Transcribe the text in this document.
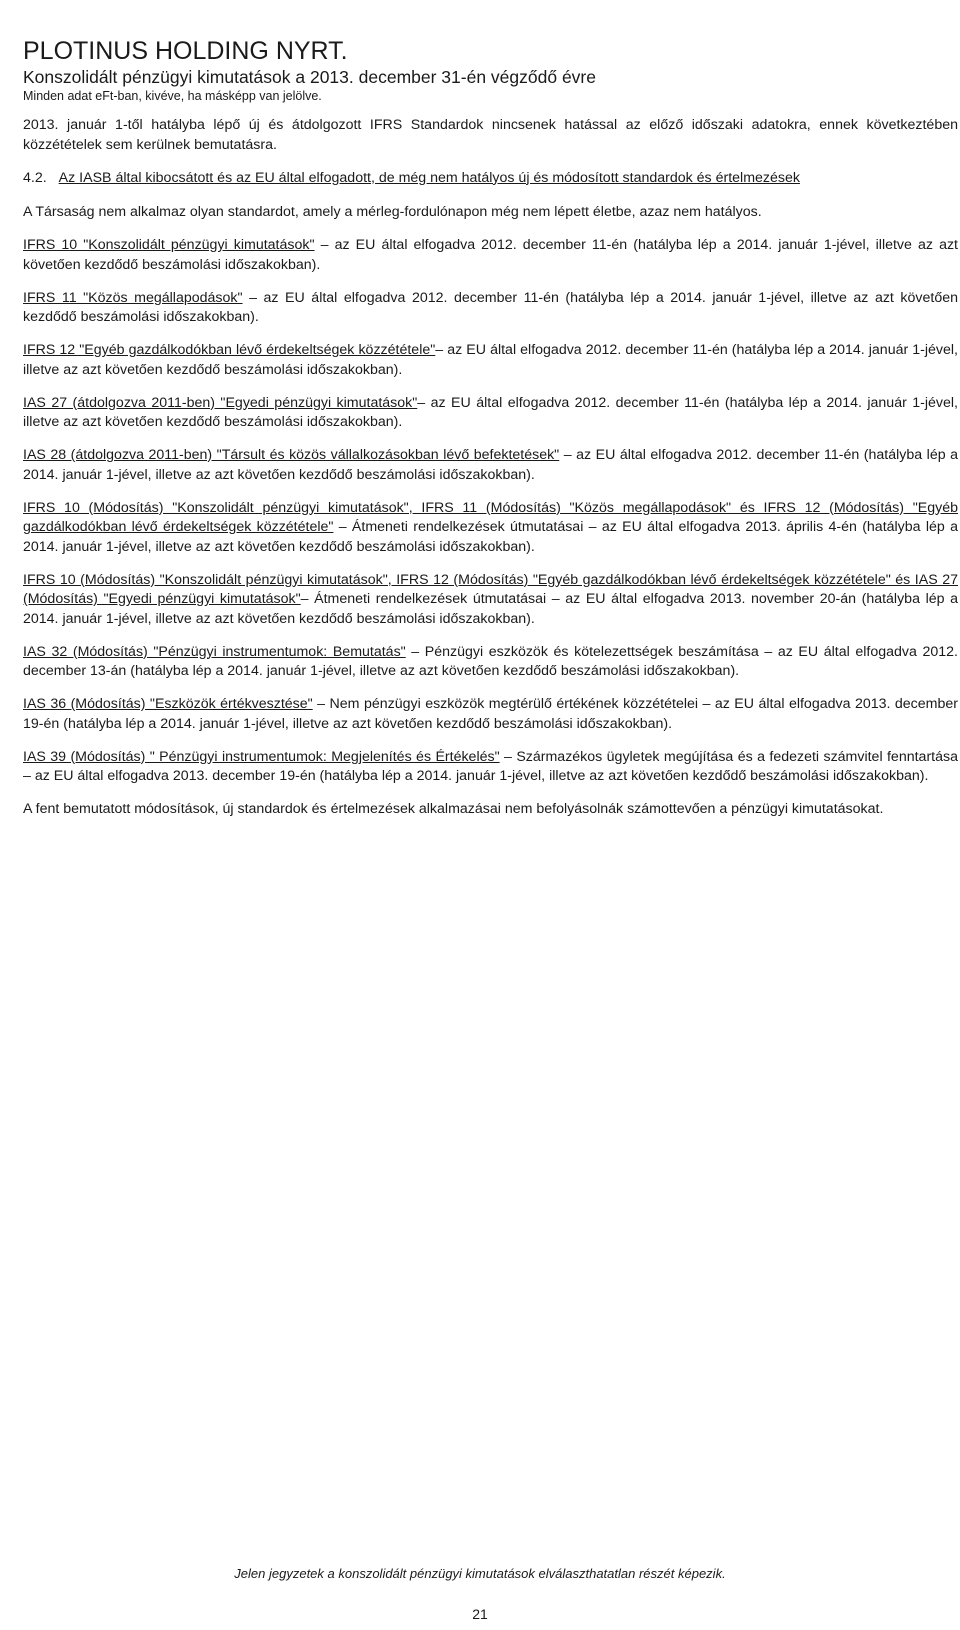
PLOTINUS HOLDING NYRT.
Konszolidált pénzügyi kimutatások a 2013. december 31-én végződő évre
Minden adat eFt-ban, kivéve, ha másképp van jelölve.

2013. január 1-től hatályba lépő új és átdolgozott IFRS Standardok nincsenek hatással az előző időszaki adatokra, ennek következtében közzétételek sem kerülnek bemutatásra.

4.2. Az IASB által kibocsátott és az EU által elfogadott, de még nem hatályos új és módosított standardok és értelmezések

A Társaság nem alkalmaz olyan standardot, amely a mérleg-fordulónapon még nem lépett életbe, azaz nem hatályos.

IFRS 10 "Konszolidált pénzügyi kimutatások" – az EU által elfogadva 2012. december 11-én (hatályba lép a 2014. január 1-jével, illetve az azt követően kezdődő beszámolási időszakokban).

IFRS 11 "Közös megállapodások" – az EU által elfogadva 2012. december 11-én (hatályba lép a 2014. január 1-jével, illetve az azt követően kezdődő beszámolási időszakokban).

IFRS 12 "Egyéb gazdálkodókban lévő érdekeltségek közzététele"– az EU által elfogadva 2012. december 11-én (hatályba lép a 2014. január 1-jével, illetve az azt követően kezdődő beszámolási időszakokban).

IAS 27 (átdolgozva 2011-ben) "Egyedi pénzügyi kimutatások"– az EU által elfogadva 2012. december 11-én (hatályba lép a 2014. január 1-jével, illetve az azt követően kezdődő beszámolási időszakokban).

IAS 28 (átdolgozva 2011-ben) "Társult és közös vállalkozásokban lévő befektetések" – az EU által elfogadva 2012. december 11-én (hatályba lép a 2014. január 1-jével, illetve az azt követően kezdődő beszámolási időszakokban).

IFRS 10 (Módosítás) "Konszolidált pénzügyi kimutatások", IFRS 11 (Módosítás) "Közös megállapodások" és IFRS 12 (Módosítás) "Egyéb gazdálkodókban lévő érdekeltségek közzététele" – Átmeneti rendelkezések útmutatásai – az EU által elfogadva 2013. április 4-én (hatályba lép a 2014. január 1-jével, illetve az azt követően kezdődő beszámolási időszakokban).

IFRS 10 (Módosítás) "Konszolidált pénzügyi kimutatások", IFRS 12 (Módosítás) "Egyéb gazdálkodókban lévő érdekeltségek közzététele" és IAS 27 (Módosítás) "Egyedi pénzügyi kimutatások"– Átmeneti rendelkezések útmutatásai – az EU által elfogadva 2013. november 20-án (hatályba lép a 2014. január 1-jével, illetve az azt követően kezdődő beszámolási időszakokban).

IAS 32 (Módosítás) "Pénzügyi instrumentumok: Bemutatás" – Pénzügyi eszközök és kötelezettségek beszámítása – az EU által elfogadva 2012. december 13-án (hatályba lép a 2014. január 1-jével, illetve az azt követően kezdődő beszámolási időszakokban).

IAS 36 (Módosítás) "Eszközök értékvesztése" – Nem pénzügyi eszközök megtérülő értékének közzétételei – az EU által elfogadva 2013. december 19-én (hatályba lép a 2014. január 1-jével, illetve az azt követően kezdődő beszámolási időszakokban).

IAS 39 (Módosítás) " Pénzügyi instrumentumok: Megjelenítés és Értékelés" – Származékos ügyletek megújítása és a fedezeti számvitel fenntartása – az EU által elfogadva 2013. december 19-én (hatályba lép a 2014. január 1-jével, illetve az azt követően kezdődő beszámolási időszakokban).

A fent bemutatott módosítások, új standardok és értelmezések alkalmazásai nem befolyásolnák számottevően a pénzügyi kimutatásokat.

Jelen jegyzetek a konszolidált pénzügyi kimutatások elválaszthatatlan részét képezik.
21
